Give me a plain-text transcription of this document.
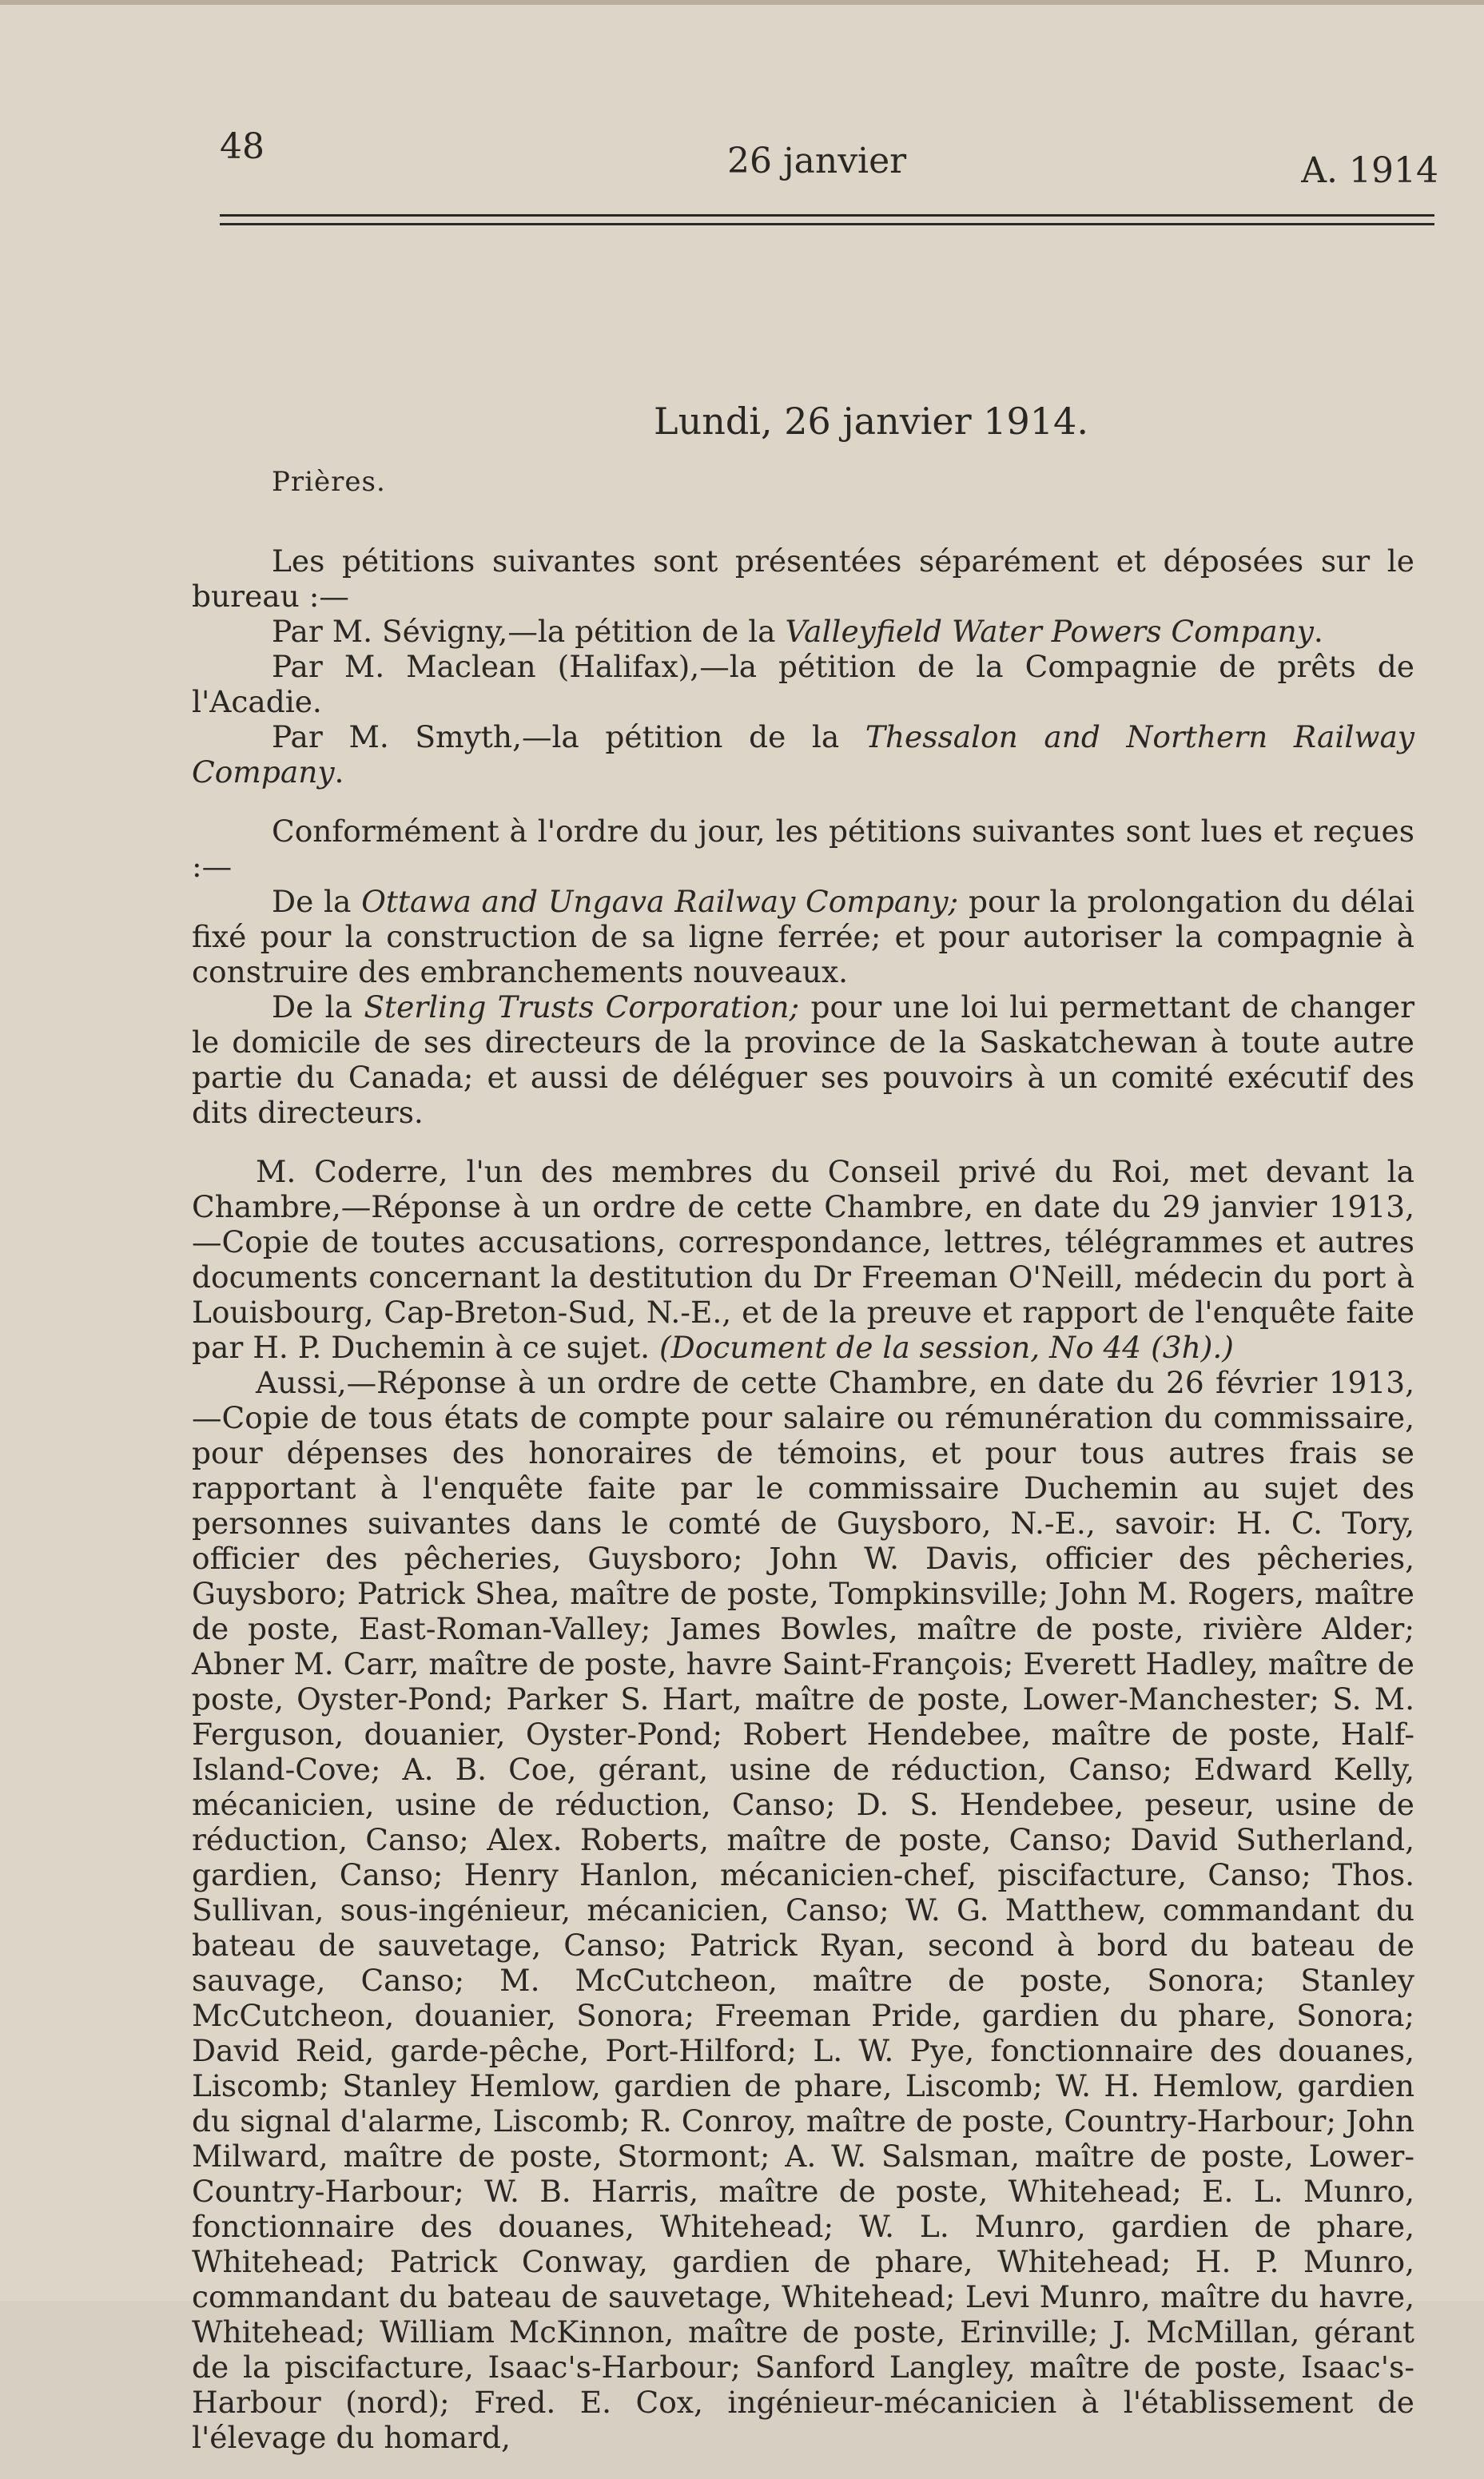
48	26 janvier	A. 1914
Lundi, 26 janvier 1914.
Prières.

Les pétitions suivantes sont présentées séparément et déposées sur le bureau :—

Par M. Sévigny,—la pétition de la Valleyfield Water Powers Company.

Par M. Maclean (Halifax),—la pétition de la Compagnie de prêts de l'Acadie.

Par M. Smyth,—la pétition de la Thessalon and Northern Railway Company.

Conformément à l'ordre du jour, les pétitions suivantes sont lues et reçues :—

De la Ottawa and Ungava Railway Company; pour la prolongation du délai fixé pour la construction de sa ligne ferrée; et pour autoriser la compagnie à construire des embranchements nouveaux.

De la Sterling Trusts Corporation; pour une loi lui permettant de changer le domicile de ses directeurs de la province de la Saskatchewan à toute autre partie du Canada; et aussi de déléguer ses pouvoirs à un comité exécutif des dits directeurs.

M. Coderre, l'un des membres du Conseil privé du Roi, met devant la Chambre,—Réponse à un ordre de cette Chambre, en date du 29 janvier 1913,—Copie de toutes accusations, correspondance, lettres, télégrammes et autres documents concernant la destitution du Dr Freeman O'Neill, médecin du port à Louisbourg, Cap-Breton-Sud, N.-E., et de la preuve et rapport de l'enquête faite par H. P. Duchemin à ce sujet. (Document de la session, No 44 (3h).)

Aussi,—Réponse à un ordre de cette Chambre, en date du 26 février 1913,—Copie de tous états de compte pour salaire ou rémunération du commissaire, pour dépenses des honoraires de témoins, et pour tous autres frais se rapportant à l'enquête faite par le commissaire Duchemin au sujet des personnes suivantes dans le comté de Guysboro, N.-E., savoir: H. C. Tory, officier des pêcheries, Guysboro; John W. Davis, officier des pêcheries, Guysboro; Patrick Shea, maître de poste, Tompkinsville; John M. Rogers, maître de poste, East-Roman-Valley; James Bowles, maître de poste, rivière Alder; Abner M. Carr, maître de poste, havre Saint-François; Everett Hadley, maître de poste, Oyster-Pond; Parker S. Hart, maître de poste, Lower-Manchester; S. M. Ferguson, douanier, Oyster-Pond; Robert Hendebee, maître de poste, Half-Island-Cove; A. B. Coe, gérant, usine de réduction, Canso; Edward Kelly, mécanicien, usine de réduction, Canso; D. S. Hendebee, peseur, usine de réduction, Canso; Alex. Roberts, maître de poste, Canso; David Sutherland, gardien, Canso; Henry Hanlon, mécanicien-chef, piscifacture, Canso; Thos. Sullivan, sous-ingénieur, mécanicien, Canso; W. G. Matthew, commandant du bateau de sauvetage, Canso; Patrick Ryan, second à bord du bateau de sauvage, Canso; M. McCutcheon, maître de poste, Sonora; Stanley McCutcheon, douanier, Sonora; Freeman Pride, gardien du phare, Sonora; David Reid, garde-pêche, Port-Hilford; L. W. Pye, fonctionnaire des douanes, Liscomb; Stanley Hemlow, gardien de phare, Liscomb; W. H. Hemlow, gardien du signal d'alarme, Liscomb; R. Conroy, maître de poste, Country-Harbour; John Milward, maître de poste, Stormont; A. W. Salsman, maître de poste, Lower-Country-Harbour; W. B. Harris, maître de poste, Whitehead; E. L. Munro, fonctionnaire des douanes, Whitehead; W. L. Munro, gardien de phare, Whitehead; Patrick Conway, gardien de phare, Whitehead; H. P. Munro, commandant du bateau de sauvetage, Whitehead; Levi Munro, maître du havre, Whitehead; William McKinnon, maître de poste, Erinville; J. McMillan, gérant de la piscifacture, Isaac's-Harbour; Sanford Langley, maître de poste, Isaac's-Harbour (nord); Fred. E. Cox, ingénieur-mécanicien à l'établissement de l'élevage du homard,
